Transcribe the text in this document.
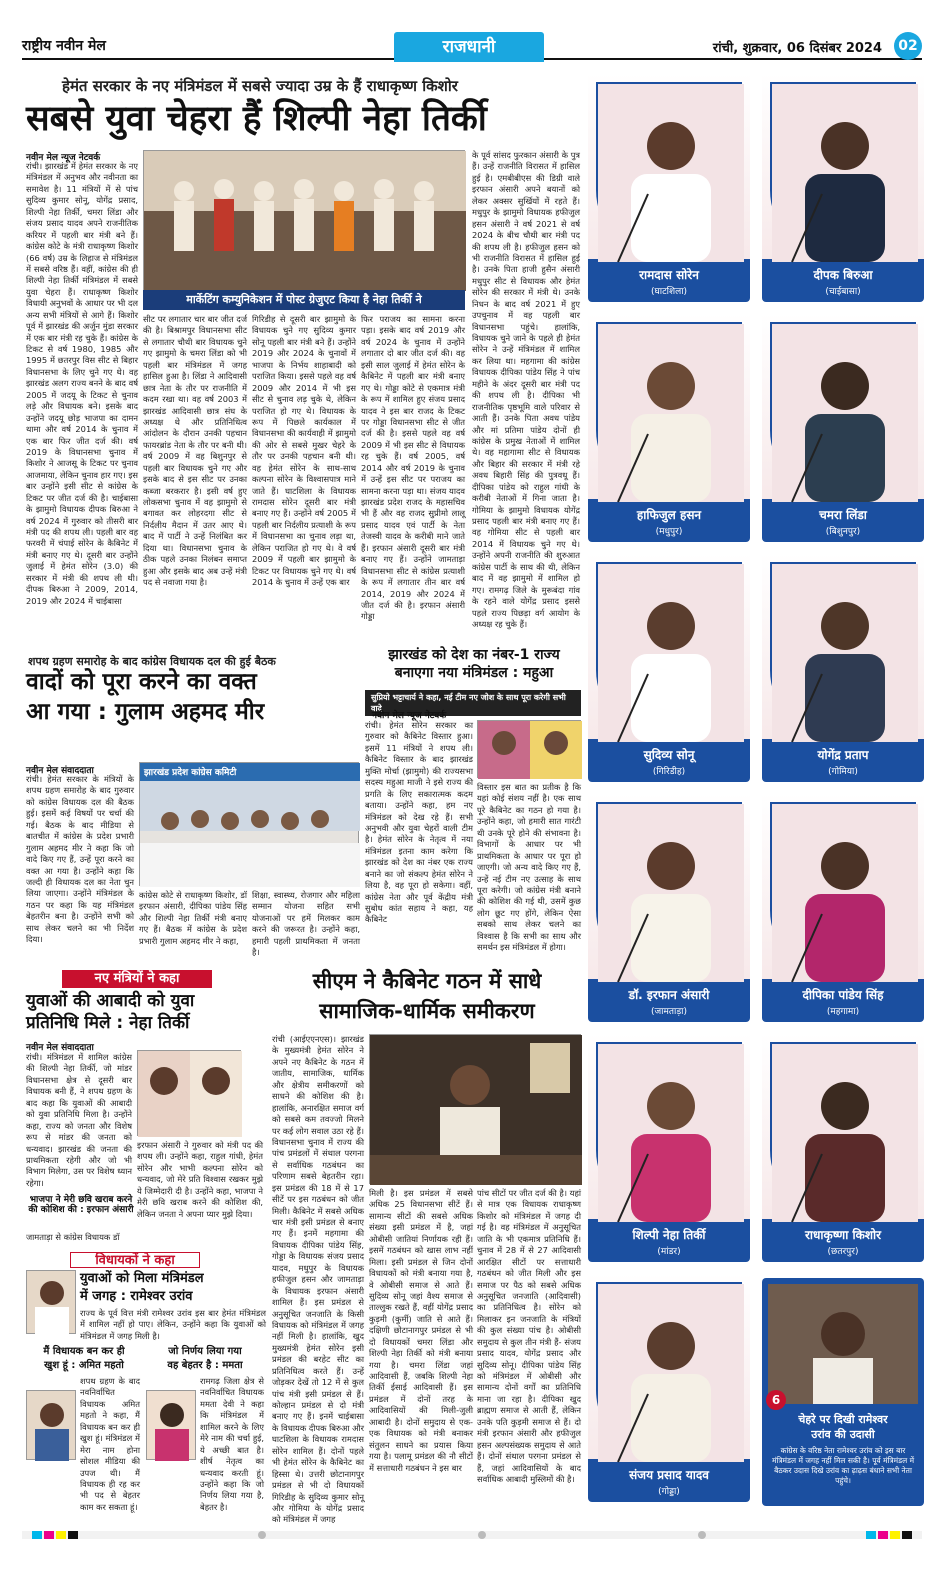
राष्ट्रीय नवीन मेल	राजधानी	रांची, शुक्रवार, 06 दिसंबर 2024	02
हेमंत सरकार के नए मंत्रिमंडल में सबसे ज्यादा उम्र के हैं राधाकृष्ण किशोर
सबसे युवा चेहरा हैं शिल्पी नेहा तिर्की
नवीन मेल न्यूज नेटवर्क
रांची। झारखंड में हेमंत सरकार के नए मंत्रिमंडल में अनुभव और नवीनता का समावेश है। 11 मंत्रियों में से पांच सुदिव्य कुमार सोनू, योगेंद्र प्रसाद, शिल्पी नेहा तिर्की, चमरा लिंडा और संजय प्रसाद यादव अपने राजनीतिक करियर में पहली बार मंत्री बने हैं। कांग्रेस कोटे के मंत्री राधाकृष्ण किशोर (66 वर्ष) उम्र के लिहाज से मंत्रिमंडल में सबसे वरिष्ठ हैं। वहीं, कांग्रेस की ही शिल्पी नेहा तिर्की मंत्रिमंडल में सबसे युवा चेहरा हैं। राधाकृष्ण किशोर विधायी अनुभवों के आधार पर भी दल अन्य सभी मंत्रियों से आगे हैं। किशोर पूर्व में झारखंड की अर्जुन मुंडा सरकार में एक बार मंत्री रह चुके हैं। कांग्रेस के टिकट से वर्ष 1980, 1985 और 1995 में छतरपुर विस सीट से बिहार विधानसभा के लिए चुने गए थे। वह झारखंड अलग राज्य बनने के बाद वर्ष 2005 में जदयू के टिकट से चुनाव लड़े और विधायक बने। इसके बाद उन्होंने जदयू छोड़ भाजपा का दामन थामा और वर्ष 2014 के चुनाव में एक बार फिर जीत दर्ज की। वर्ष 2019 के विधानसभा चुनाव में किशोर ने आजसू के टिकट पर चुनाव आजमाया, लेकिन चुनाव हार गए। इस बार उन्होंने इसी सीट से कांग्रेस के टिकट पर जीत दर्ज की है। चाईबासा के झामुमो विधायक दीपक बिरुआ ने वर्ष 2024 में गुरुवार को तीसरी बार मंत्री पद की शपथ ली। पहली बार वह फरवरी में चंपाई सोरेन के कैबिनेट में मंत्री बनाए गए थे। दूसरी बार उन्होंने जुलाई में हेमंत सोरेन (3.0) की सरकार में मंत्री की शपथ ली थी। दीपक बिरुआ ने 2009, 2014, 2019 और 2024 में चाईबासा
मार्केटिंग कम्युनिकेशन में पोस्ट ग्रेजुएट किया है नेहा तिर्की ने
सीट पर लगातार चार बार जीत दर्ज की है। बिश्रामपुर विधानसभा सीट से लगातार चौथी बार विधायक चुने गए झामुमो के चमरा लिंडा को भी पहली बार मंत्रिमंडल में जगह हासिल हुआ है। लिंडा ने आदिवासी छात्र नेता के तौर पर राजनीति में कदम रखा था। वह वर्ष 2003 में झारखंड आदिवासी छात्र संघ के अध्यक्ष थे और प्रतिनिधित्व आंदोलन के दौरान उनकी पहचान फायरब्रांड नेता के तौर पर बनी थी। वर्ष 2009 में वह बिशुनपुर से पहली बार विधायक चुने गए और इसके बाद से इस सीट पर उनका कब्जा बरकरार है। इसी वर्ष हुए लोकसभा चुनाव में वह झामुमो से बगावत कर लोहरदगा सीट से निर्दलीय मैदान में उतर आए थे। बाद में पार्टी ने उन्हें निलंबित कर दिया था। विधानसभा चुनाव के ठीक पहले उनका निलंबन समाप्त हुआ और इसके बाद अब उन्हें मंत्री पद से नवाजा गया है।
गिरिडीह से दूसरी बार झामुमो के विधायक चुने गए सुदिव्य कुमार सोनू पहली बार मंत्री बने हैं। उन्होंने 2019 और 2024 के चुनावों में भाजपा के निर्भय शाहाबादी को पराजित किया। इससे पहले वह वर्ष 2009 और 2014 में भी इस सीट से चुनाव लड़ चुके थे, लेकिन पराजित हो गए थे। विधायक के रूप में पिछले कार्यकाल में विधानसभा की कार्यवाही में झामुमो की ओर से सबसे मुखर चेहरे के तौर पर उनकी पहचान बनी थी। वह हेमंत सोरेन के साथ-साथ कल्पना सोरेन के विश्वासपात्र माने जाते हैं। घाटशिला के विधायक रामदास सोरेन दूसरी बार मंत्री बनाए गए हैं। उन्होंने वर्ष 2005 में पहली बार निर्दलीय प्रत्याशी के रूप में विधानसभा का चुनाव लड़ा था, लेकिन पराजित हो गए थे। वे वर्ष 2009 में पहली बार झामुमो के टिकट पर विधायक चुने गए थे। वर्ष 2014 के चुनाव में उन्हें एक बार
फिर पराजय का सामना करना पड़ा। इसके बाद वर्ष 2019 और वर्ष 2024 के चुनाव में उन्होंने लगातार दो बार जीत दर्ज की। वह इसी साल जुलाई में हेमंत सोरेन के कैबिनेट में पहली बार मंत्री बनाए गए थे। गोड्डा कोटे से एकमात्र मंत्री के रूप में शामिल हुए संजय प्रसाद यादव ने इस बार राजद के टिकट पर गोड्डा विधानसभा सीट से जीत दर्ज की है। इससे पहले वह वर्ष 2009 में भी इस सीट से विधायक रह चुके हैं। वर्ष 2005, वर्ष 2014 और वर्ष 2019 के चुनाव में उन्हें इस सीट पर पराजय का सामना करना पड़ा था। संजय यादव झारखंड प्रदेश राजद के महासचिव भी हैं और वह राजद सुप्रीमो लालू प्रसाद यादव एवं पार्टी के नेता तेजस्वी यादव के करीबी माने जाते हैं। इरफान अंसारी दूसरी बार मंत्री बनाए गए हैं। उन्होंने जामताड़ा विधानसभा सीट से कांग्रेस प्रत्याशी के रूप में लगातार तीन बार वर्ष 2014, 2019 और 2024 में जीत दर्ज की है। इरफान अंसारी गोड्डा
के पूर्व सांसद फुरकान अंसारी के पुत्र हैं। उन्हें राजनीति विरासत में हासिल हुई है। एमबीबीएस की डिग्री वाले इरफान अंसारी अपने बयानों को लेकर अक्सर सुर्खियों में रहते हैं। मधुपुर के झामुमो विधायक हफीजुल हसन अंसारी ने वर्ष 2021 से वर्ष 2024 के बीच चौथी बार मंत्री पद की शपथ ली है। हफीजुल हसन को भी राजनीति विरासत में हासिल हुई है। उनके पिता हाजी हुसैन अंसारी मधुपुर सीट से विधायक और हेमंत सोरेन की सरकार में मंत्री थे। उनके निधन के बाद वर्ष 2021 में हुए उपचुनाव में वह पहली बार विधानसभा पहुंचे। हालांकि, विधायक चुने जाने के पहले ही हेमंत सोरेन ने उन्हें मंत्रिमंडल में शामिल कर लिया था। महगामा की कांग्रेस विधायक दीपिका पांडेय सिंह ने पांच महीने के अंदर दूसरी बार मंत्री पद की शपथ ली है। दीपिका भी राजनीतिक पृष्ठभूमि वाले परिवार से आती हैं। उनके पिता अवध पांडेय और मां प्रतिमा पांडेय दोनों ही कांग्रेस के प्रमुख नेताओं में शामिल थे। वह महागामा सीट से विधायक और बिहार की सरकार में मंत्री रहे अवध बिहारी सिंह की पुत्रवधू हैं। दीपिका पांडेय को राहुल गांधी के करीबी नेताओं में गिना जाता है। गोमिया के झामुमो विधायक योगेंद्र प्रसाद पहली बार मंत्री बनाए गए हैं। वह गोमिया सीट से पहली बार 2014 में विधायक चुने गए थे। उन्होंने अपनी राजनीति की शुरुआत कांग्रेस पार्टी के साथ की थी, लेकिन बाद में वह झामुमो में शामिल हो गए। रामगढ़ जिले के मुरूबंदा गांव के रहने वाले योगेंद्र प्रसाद इससे पहले राज्य पिछड़ा वर्ग आयोग के अध्यक्ष रह चुके हैं।
शपथ ग्रहण समारोह के बाद कांग्रेस विधायक दल की हुई बैठक
वादों को पूरा करने का वक्त
आ गया : गुलाम अहमद मीर
नवीन मेल संवाददाता
रांची। हेमंत सरकार के मंत्रियों के शपथ ग्रहण समारोह के बाद गुरुवार को कांग्रेस विधायक दल की बैठक हुई। इसमें कई विषयों पर चर्चा की गई। बैठक के बाद मीडिया से बातचीत में कांग्रेस के प्रदेश प्रभारी गुलाम अहमद मीर ने कहा कि जो वादे किए गए हैं, उन्हें पूरा करने का वक्त आ गया है। उन्होंने कहा कि जल्दी ही विधायक दल का नेता चुन लिया जाएगा। उन्होंने मंत्रिमंडल के गठन पर कहा कि यह मंत्रिमंडल बेहतरीन बना है। उन्होंने सभी को साथ लेकर चलने का भी निर्देश दिया।
झारखंड प्रदेश कांग्रेस कमिटी
कांग्रेस कोटे से राधाकृष्ण किशोर, डॉ इरफान अंसारी, दीपिका पांडेय सिंह और शिल्पी नेहा तिर्की मंत्री बनाए गए हैं। बैठक में कांग्रेस के प्रदेश प्रभारी गुलाम अहमद मीर ने कहा,
शिक्षा, स्वास्थ्य, रोजगार और महिला सम्मान योजना सहित सभी योजनाओं पर हमें मिलकर काम करने की जरूरत है। उन्होंने कहा, हमारी पहली प्राथमिकता में जनता है।
झारखंड को देश का नंबर-1 राज्य
बनाएगा नया मंत्रिमंडल : महुआ
सुप्रियो भट्टाचार्य ने कहा, नई टीम नए जोश के साथ पूरा करेगी सभी वादे
नवीन मेल न्यूज नेटवर्क
रांची। हेमंत सोरेन सरकार का गुरुवार को कैबिनेट विस्तार हुआ। इसमें 11 मंत्रियों ने शपथ ली। कैबिनेट विस्तार के बाद झारखंड मुक्ति मोर्चा (झामुमो) की राज्यसभा सदस्य महुआ माजी ने इसे राज्य की प्रगति के लिए सकारात्मक कदम बताया। उन्होंने कहा, हम नए मंत्रिमंडल को देख रहे हैं। सभी अनुभवी और युवा चेहरों वाली टीम है। हेमंत सोरेन के नेतृत्व में नया मंत्रिमंडल इतना काम करेगा कि झारखंड को देश का नंबर एक राज्य बनाने का जो संकल्प हेमंत सोरेन ने लिया है, वह पूरा हो सकेगा। वहीं, कांग्रेस नेता और पूर्व केंद्रीय मंत्री सुबोध कांत सहाय ने कहा, यह कैबिनेट
विस्तार इस बात का प्रतीक है कि यहां कोई संशय नहीं है। एक साथ पूरे कैबिनेट का गठन हो गया है। उन्होंने कहा, जो हमारी सात गारंटी थी उनके पूरे होने की संभावना है। विभागों के आधार पर भी प्राथमिकता के आधार पर पूरा हो जाएगी। जो अन्य वादे किए गए हैं, उन्हें नई टीम नए उत्साह के साथ पूरा करेगी। जो कांग्रेस मंत्री बनाने की कोशिश की गई थी, उसमें कुछ लोग छूट गए होंगे, लेकिन ऐसा सबको साथ लेकर चलने का विश्वास है कि सभी का साथ और समर्थन इस मंत्रिमंडल में होगा।
नए मंत्रियों ने कहा
युवाओं की आबादी को युवा
प्रतिनिधि मिले : नेहा तिर्की
नवीन मेल संवाददाता
रांची। मंत्रिमंडल में शामिल कांग्रेस की शिल्पी नेहा तिर्की, जो मांडर विधानसभा क्षेत्र से दूसरी बार विधायक बनी हैं, ने शपथ ग्रहण के बाद कहा कि युवाओं की आबादी को युवा प्रतिनिधि मिला है। उन्होंने कहा, राज्य को जनता और विशेष रूप से मांडर की जनता को धन्यवाद। झारखंड की जनता की प्राथमिकता रहेगी और जो भी विभाग मिलेगा, उस पर विशेष ध्यान रहेगा।
इरफान अंसारी ने गुरुवार को मंत्री पद की शपथ ली। उन्होंने कहा, राहुल गांधी, हेमंत सोरेन और भाभी कल्पना सोरेन को धन्यवाद, जो मेरे प्रति विश्वास रखकर मुझे ये जिम्मेदारी दी है। उन्होंने कहा, भाजपा ने मेरी छवि खराब करने की कोशिश की, लेकिन जनता ने अपना प्यार मुझे दिया।
भाजपा ने मेरी छवि खराब करने की कोशिश की : इरफान अंसारी
जामताड़ा से कांग्रेस विधायक डॉ
विधायकों ने कहा
युवाओं को मिला मंत्रिमंडल
में जगह : रामेश्वर उरांव
राज्य के पूर्व वित्त मंत्री रामेश्वर उरांव इस बार हेमंत मंत्रिमंडल में शामिल नहीं हो पाए। लेकिन, उन्होंने कहा कि युवाओं को मंत्रिमंडल में जगह मिली है।
मैं विधायक बन कर ही
खुश हूं : अमित महतो
शपथ ग्रहण के बाद नवनिर्वाचित विधायक अमित महतो ने कहा, मैं विधायक बन कर ही खुश हूं। मंत्रिमंडल में मेरा नाम होना सोशल मीडिया की उपज थी। मैं विधायक ही रह कर भी पद से बेहतर काम कर सकता हूं।
जो निर्णय लिया गया
वह बेहतर है : ममता
रामगढ़ जिला क्षेत्र से नवनिर्वाचित विधायक ममता देवी ने कहा कि मंत्रिमंडल में शामिल करने के लिए मेरे नाम की चर्चा हुई, ये अच्छी बात है। शीर्ष नेतृत्व का धन्यवाद करती हूं। उन्होंने कहा कि जो निर्णय लिया गया है, बेहतर है।
सीएम ने कैबिनेट गठन में साधे
सामाजिक-धार्मिक समीकरण
रांची (आईएएनएस)। झारखंड के मुख्यमंत्री हेमंत सोरेन ने अपने नए कैबिनेट के गठन में जातीय, सामाजिक, धार्मिक और क्षेत्रीय समीकरणों को साधने की कोशिश की है। हालांकि, अनारक्षित समाज वर्ग को सबसे कम तवज्जो मिलने पर कई लोग सवाल उठा रहे हैं। विधानसभा चुनाव में राज्य की पांच प्रमंडलों में संथाल परगना से सर्वाधिक गठबंधन का परिणाम सबसे बेहतरीन रहा। इस प्रमंडल की 18 में से 17 सीटें पर इस गठबंधन को जीत मिली। कैबिनेट में सबसे अधिक चार मंत्री इसी प्रमंडल से बनाए गए हैं। इनमें महगामा की विधायक दीपिका पांडेय सिंह, गोड्डा के विधायक संजय प्रसाद यादव, मधुपुर के विधायक हफीजुल हसन और जामताड़ा के विधायक इरफान अंसारी शामिल हैं। इस प्रमंडल से अनुसूचित जनजाति के किसी विधायक को मंत्रिमंडल में जगह नहीं मिली है। हालांकि, खुद मुख्यमंत्री हेमंत सोरेन इसी प्रमंडल की बरहेट सीट का प्रतिनिधित्व करते हैं। उन्हें जोड़कर देखें तो 12 में से कुल पांच मंत्री इसी प्रमंडल से हैं। कोल्हान प्रमंडल से दो मंत्री बनाए गए हैं। इनमें चाईबासा के विधायक दीपक बिरुआ और घाटशिला के विधायक रामदास सोरेन शामिल हैं। दोनों पहले भी हेमंत सोरेन के कैबिनेट का हिस्सा थे। उत्तरी छोटानागपुर प्रमंडल से भी दो विधायकों गिरिडीह के सुदिव्य कुमार सोनू और गोमिया के योगेंद्र प्रसाद को मंत्रिमंडल में जगह
मिली है। इस प्रमंडल में सबसे अधिक 25 विधानसभा सीटें हैं। सामान्य सीटों की सबसे अधिक संख्या इसी प्रमंडल में है, जहां ओबीसी जातियां निर्णायक रही हैं। इसमें गठबंधन को खास लाभ नहीं मिला। इसी प्रमंडल से जिन दोनों विधायकों को मंत्री बनाया गया है, वे ओबीसी समाज से आते हैं। सुदिव्य सोनू जहां वैश्य समाज से ताल्लुक रखते हैं, वहीं योगेंद्र प्रसाद कुड़मी (कुर्मी) जाति से आते हैं। दक्षिणी छोटानागपुर प्रमंडल से भी दो विधायकों चमरा लिंडा और शिल्पी नेहा तिर्की को मंत्री बनाया गया है। चमरा लिंडा जहां आदिवासी हैं, जबकि शिल्पी नेहा तिर्की ईसाई आदिवासी हैं। इस प्रमंडल में दोनों तरह के आदिवासियों की मिली-जुली आबादी है। दोनों समुदाय से एक-एक विधायक को मंत्री बनाकर संतुलन साधने का प्रयास किया गया है। पलामू प्रमंडल की नौ सीटों में सत्ताधारी गठबंधन ने इस बार
पांच सीटों पर जीत दर्ज की है। यहां से मात्र एक विधायक राधाकृष्ण किशोर को मंत्रिमंडल में जगह दी गई है। वह मंत्रिमंडल में अनुसूचित जाति के भी एकमात्र प्रतिनिधि हैं। चुनाव में 28 में से 27 आदिवासी आरक्षित सीटों पर सत्ताधारी गठबंधन को जीत मिली और इस समाज पर पैठ को सबसे अधिक अनुसूचित जनजाति (आदिवासी) का प्रतिनिधित्व है। सोरेन को मिलाकर इन जनजाति के मंत्रियों की कुल संख्या पांच है। ओबीसी समुदाय से कुल तीन मंत्री हैं- संजय प्रसाद यादव, योगेंद्र प्रसाद और सुदिव्य सोनू। दीपिका पांडेय सिंह को मंत्रिमंडल में ओबीसी और सामान्य दोनों वर्गों का प्रतिनिधि माना जा रहा है। दीपिका खुद ब्राह्मण समाज से आती हैं, लेकिन उनके पति कुड़मी समाज से हैं। दो मंत्री इरफान अंसारी और हफीजुल हसन अल्पसंख्यक समुदाय से आते हैं। दोनों संथाल परगना प्रमंडल से हैं, जहां आदिवासियों के बाद सर्वाधिक आबादी मुस्लिमों की है।
रामदास सोरेन
(घाटशिला)
दीपक बिरुआ
(चाईबासा)
हाफिजुल हसन
(मधुपुर)
चमरा लिंडा
(बिशुनपुर)
सुदिव्य सोनू
(गिरिडीह)
योगेंद्र प्रताप
(गोमिया)
डॉ. इरफान अंसारी
(जामताड़ा)
दीपिका पांडेय सिंह
(महगामा)
शिल्पी नेहा तिर्की
(मांडर)
राधाकृष्णा किशोर
(छतरपुर)
संजय प्रसाद यादव
(गोड्डा)
6
चेहरे पर दिखी रामेश्वर
उरांव की उदासी
कांग्रेस के वरिष्ठ नेता रामेश्वर उरांव को इस बार मंत्रिमंडल में जगह नहीं मिल सकी है। पूर्व मंत्रिमंडल में बैठकर उदास दिखे उरांव का ढ़ाढ़स बंधाने सभी नेता पहुंचे।
